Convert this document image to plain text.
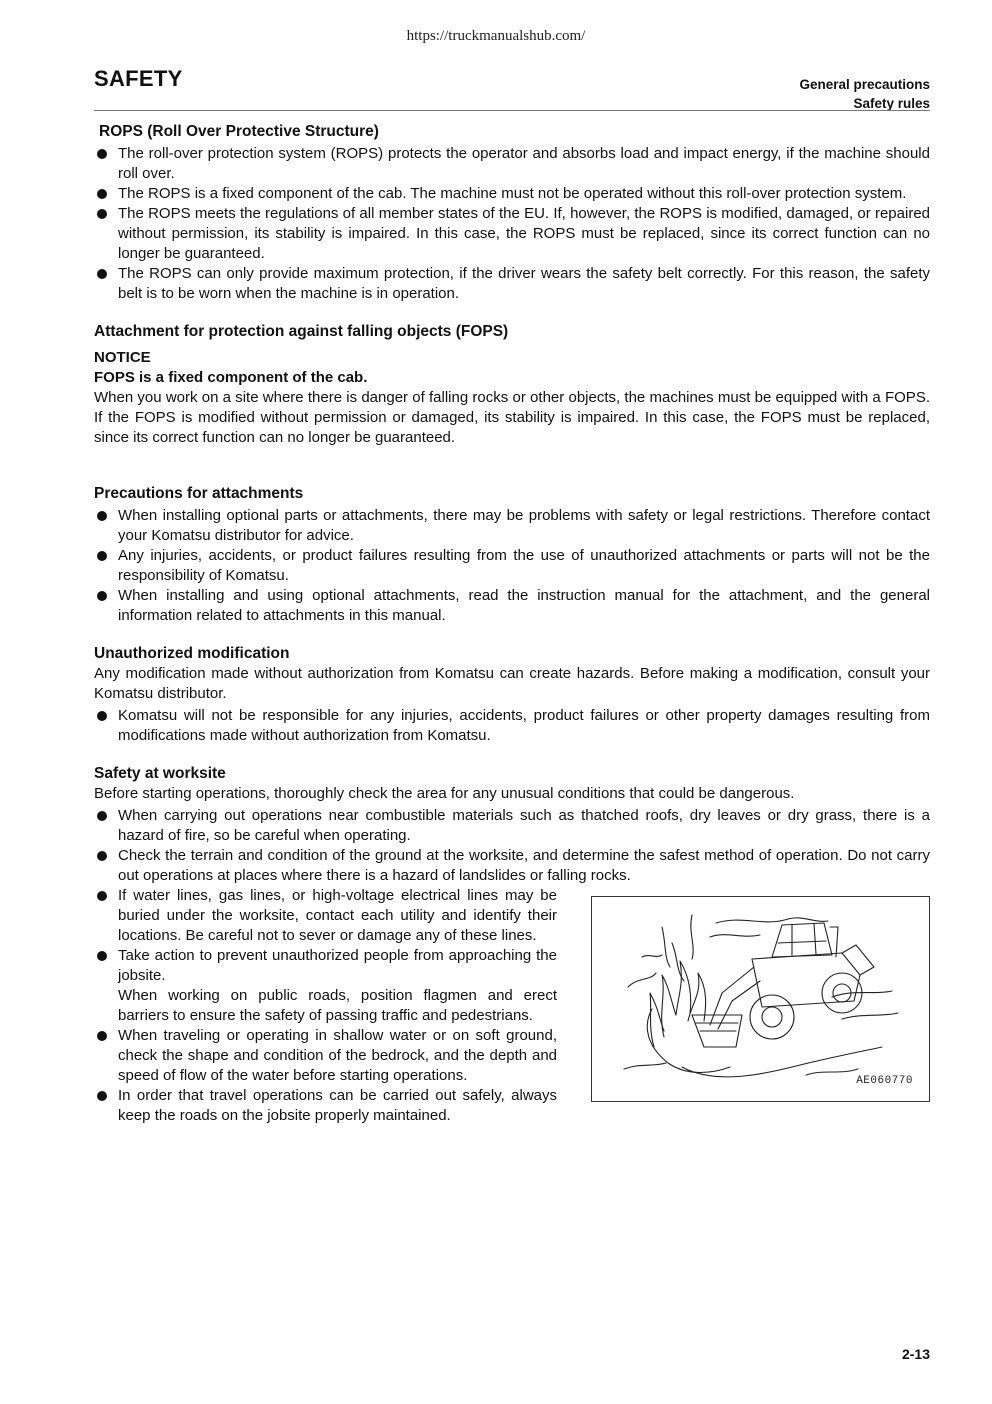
https://truckmanualshub.com/
SAFETY	General precautions
Safety rules
ROPS (Roll Over Protective Structure)
The roll-over protection system (ROPS) protects the operator and absorbs load and impact energy, if the machine should roll over.
The ROPS is a fixed component of the cab. The machine must not be operated without this roll-over protection system.
The ROPS meets the regulations of all member states of the EU. If, however, the ROPS is modified, damaged, or repaired without permission, its stability is impaired. In this case, the ROPS must be replaced, since its correct function can no longer be guaranteed.
The ROPS can only provide maximum protection, if the driver wears the safety belt correctly. For this reason, the safety belt is to be worn when the machine is in operation.
Attachment for protection against falling objects (FOPS)

NOTICE

FOPS is a fixed component of the cab.

When you work on a site where there is danger of falling rocks or other objects, the machines must be equipped with a FOPS. If the FOPS is modified without permission or damaged, its stability is impaired. In this case, the FOPS must be replaced, since its correct function can no longer be guaranteed.

Precautions for attachments
When installing optional parts or attachments, there may be problems with safety or legal restrictions. Therefore contact your Komatsu distributor for advice.
Any injuries, accidents, or product failures resulting from the use of unauthorized attachments or parts will not be the responsibility of Komatsu.
When installing and using optional attachments, read the instruction manual for the attachment, and the general information related to attachments in this manual.
Unauthorized modification

Any modification made without authorization from Komatsu can create hazards. Before making a modification, consult your Komatsu distributor.

Komatsu will not be responsible for any injuries, accidents, product failures or other property damages resulting from modifications made without authorization from Komatsu.
Safety at worksite

Before starting operations, thoroughly check the area for any unusual conditions that could be dangerous.

When carrying out operations near combustible materials such as thatched roofs, dry leaves or dry grass, there is a hazard of fire, so be careful when operating.
Check the terrain and condition of the ground at the worksite, and determine the safest method of operation. Do not carry out operations at places where there is a hazard of landslides or falling rocks.
If water lines, gas lines, or high-voltage electrical lines may be buried under the worksite, contact each utility and identify their locations. Be careful not to sever or damage any of these lines.
Take action to prevent unauthorized people from approaching the jobsite.
When working on public roads, position flagmen and erect barriers to ensure the safety of passing traffic and pedestrians.
When traveling or operating in shallow water or on soft ground, check the shape and condition of the bedrock, and the depth and speed of flow of the water before starting operations.
In order that travel operations can be carried out safely, always keep the roads on the jobsite properly maintained.
AE060770
2-13
